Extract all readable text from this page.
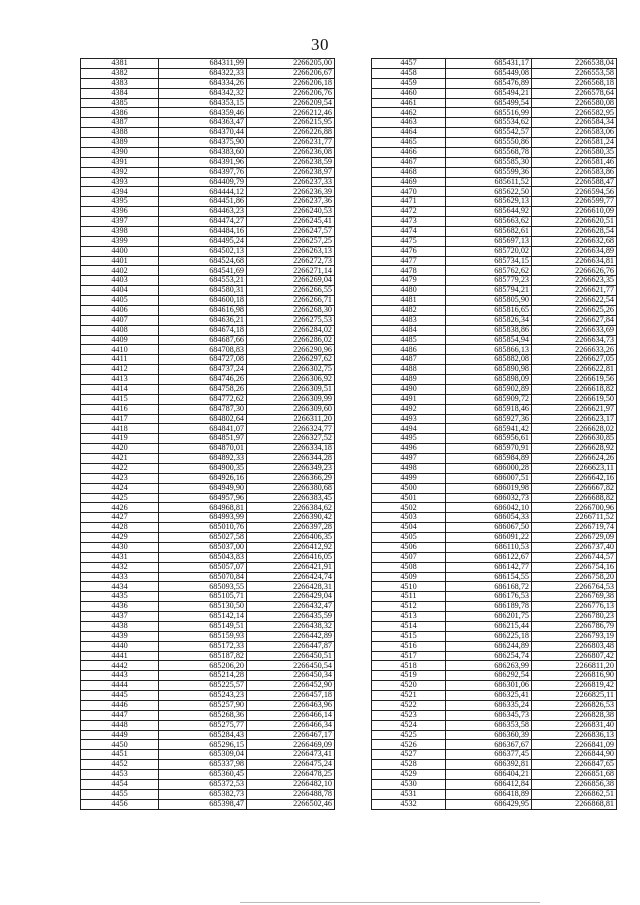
30
4381	684311,99	2266205,00
4382	684322,33	2266206,67
4383	684334,26	2266206,18
4384	684342,32	2266206,76
4385	684353,15	2266209,54
4386	684359,46	2266212,46
4387	684363,47	2266215,95
4388	684370,44	2266226,88
4389	684375,90	2266231,77
4390	684383,60	2266236,08
4391	684391,96	2266238,59
4392	684397,76	2266238,97
4393	684409,79	2266237,33
4394	684444,12	2266236,39
4395	684451,86	2266237,36
4396	684463,23	2266240,53
4397	684474,27	2266245,41
4398	684484,16	2266247,57
4399	684495,24	2266257,25
4400	684502,13	2266263,13
4401	684524,68	2266272,73
4402	684541,69	2266271,14
4403	684553,21	2266269,04
4404	684580,31	2266266,55
4405	684600,18	2266266,71
4406	684616,98	2266268,30
4407	684636,21	2266275,53
4408	684674,18	2266284,02
4409	684687,66	2266286,02
4410	684708,83	2266290,96
4411	684727,08	2266297,62
4412	684737,24	2266302,75
4413	684746,26	2266306,92
4414	684758,26	2266309,51
4415	684772,62	2266309,99
4416	684787,30	2266309,60
4417	684802,64	2266311,20
4418	684841,07	2266324,77
4419	684851,97	2266327,52
4420	684870,01	2266334,18
4421	684892,33	2266344,28
4422	684900,35	2266349,23
4423	684926,16	2266366,29
4424	684949,90	2266380,68
4425	684957,96	2266383,45
4426	684968,81	2266384,62
4427	684993,99	2266390,42
4428	685010,76	2266397,28
4429	685027,58	2266406,35
4430	685037,00	2266412,92
4431	685043,83	2266416,05
4432	685057,07	2266421,91
4433	685070,84	2266424,74
4434	685093,55	2266428,31
4435	685105,71	2266429,04
4436	685130,50	2266432,47
4437	685142,14	2266435,59
4438	685149,51	2266438,32
4439	685159,93	2266442,89
4440	685172,33	2266447,87
4441	685187,82	2266450,51
4442	685206,20	2266450,54
4443	685214,28	2266450,34
4444	685225,57	2266452,90
4445	685243,23	2266457,18
4446	685257,90	2266463,96
4447	685268,36	2266466,14
4448	685275,77	2266466,34
4449	685284,43	2266467,17
4450	685296,15	2266469,09
4451	685309,04	2266473,41
4452	685337,98	2266475,24
4453	685360,45	2266478,25
4454	685372,53	2266482,10
4455	685382,73	2266488,78
4456	685398,47	2266502,46
4457	685431,17	2266538,04
4458	685449,08	2266553,58
4459	685476,89	2266568,18
4460	685494,21	2266578,64
4461	685499,54	2266580,08
4462	685516,99	2266582,95
4463	685534,62	2266584,34
4464	685542,57	2266583,06
4465	685550,86	2266581,24
4466	685568,78	2266580,35
4467	685585,30	2266581,46
4468	685599,36	2266583,86
4469	685611,52	2266588,47
4470	685622,50	2266594,56
4471	685629,13	2266599,77
4472	685644,92	2266610,09
4473	685663,62	2266620,51
4474	685682,61	2266628,54
4475	685697,13	2266632,68
4476	685720,02	2266634,89
4477	685734,15	2266634,81
4478	685762,62	2266626,76
4479	685779,23	2266623,35
4480	685794,21	2266621,77
4481	685805,90	2266622,54
4482	685816,65	2266625,26
4483	685826,34	2266627,84
4484	685838,86	2266633,69
4485	685854,94	2266634,73
4486	685866,13	2266633,26
4487	685882,08	2266627,05
4488	685890,98	2266622,81
4489	685898,09	2266619,56
4490	685902,89	2266618,82
4491	685909,72	2266619,50
4492	685918,46	2266621,97
4493	685927,36	2266623,17
4494	685941,42	2266628,02
4495	685956,61	2266630,85
4496	685970,91	2266628,92
4497	685984,89	2266624,26
4498	686000,28	2266623,11
4499	686007,51	2266642,16
4500	686019,98	2266667,82
4501	686032,73	2266688,82
4502	686042,10	2266700,96
4503	686054,33	2266711,52
4504	686067,50	2266719,74
4505	686091,22	2266729,09
4506	686110,53	2266737,40
4507	686122,67	2266744,57
4508	686142,77	2266754,16
4509	686154,55	2266758,20
4510	686168,72	2266764,53
4511	686176,53	2266769,38
4512	686189,78	2266776,13
4513	686201,75	2266780,23
4514	686215,44	2266786,79
4515	686225,18	2266793,19
4516	686244,89	2266803,48
4517	686254,74	2266807,42
4518	686263,99	2266811,20
4519	686292,54	2266816,90
4520	686301,06	2266819,42
4521	686325,41	2266825,11
4522	686335,24	2266826,53
4523	686345,73	2266828,38
4524	686353,58	2266831,40
4525	686360,39	2266836,13
4526	686367,67	2266841,09
4527	686377,45	2266844,90
4528	686392,81	2266847,65
4529	686404,21	2266851,68
4530	686412,84	2266856,38
4531	686418,89	2266862,51
4532	686429,95	2266868,81
